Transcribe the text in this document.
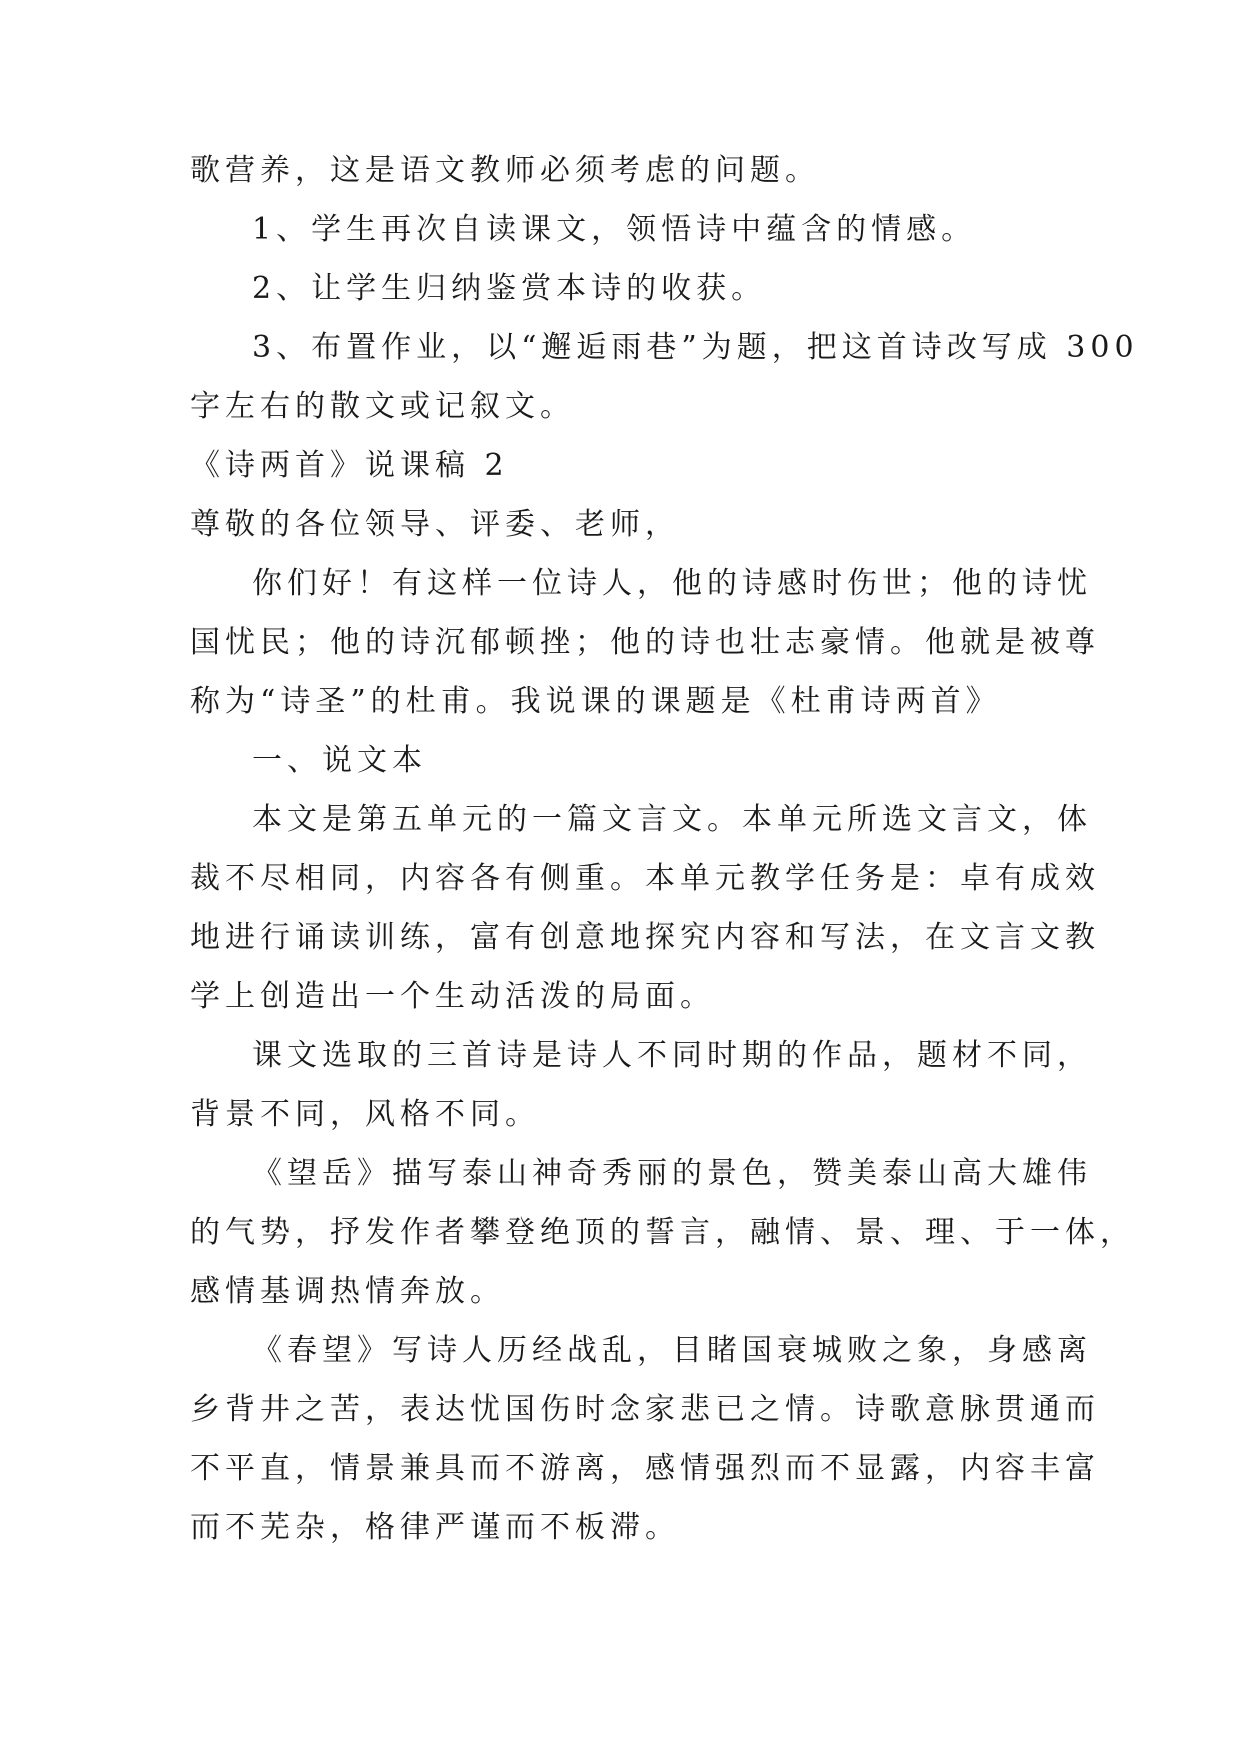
歌营养，这是语文教师必须考虑的问题。
1、学生再次自读课文，领悟诗中蕴含的情感。
2、让学生归纳鉴赏本诗的收获。
3、布置作业，以“邂逅雨巷”为题，把这首诗改写成 300
字左右的散文或记叙文。
《诗两首》说课稿 2
尊敬的各位领导、评委、老师，
你们好！有这样一位诗人，他的诗感时伤世；他的诗忧
国忧民；他的诗沉郁顿挫；他的诗也壮志豪情。他就是被尊
称为“诗圣”的杜甫。我说课的课题是《杜甫诗两首》
一、说文本
本文是第五单元的一篇文言文。本单元所选文言文，体
裁不尽相同，内容各有侧重。本单元教学任务是：卓有成效
地进行诵读训练，富有创意地探究内容和写法，在文言文教
学上创造出一个生动活泼的局面。
课文选取的三首诗是诗人不同时期的作品，题材不同，
背景不同，风格不同。
《望岳》描写泰山神奇秀丽的景色，赞美泰山高大雄伟
的气势，抒发作者攀登绝顶的誓言，融情、景、理、于一体，
感情基调热情奔放。
《春望》写诗人历经战乱，目睹国衰城败之象，身感离
乡背井之苦，表达忧国伤时念家悲已之情。诗歌意脉贯通而
不平直，情景兼具而不游离，感情强烈而不显露，内容丰富
而不芜杂，格律严谨而不板滞。
